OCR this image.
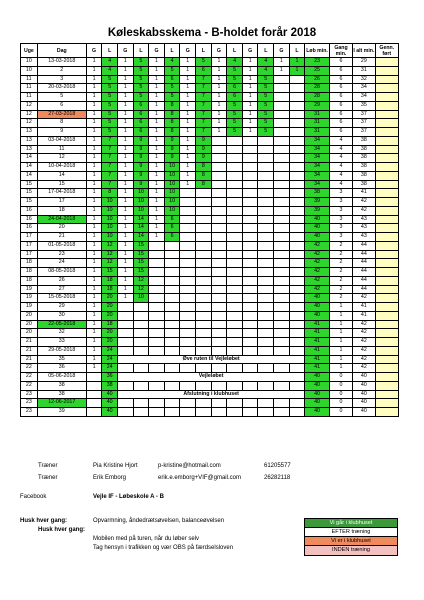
Køleskabsskema - B-holdet forår 2018
Uge	Dag	G	L	G	L	G	L	G	L	G	L	G	L	G	L	Løb min.	Gang min.	I alt min.	Genn. ført
10	13-03-2018	1	4	1	5	1	4	1	5	1	4	1	4	1	1	23	6	29	
10	2	1	4	1	5	1	5	1	6	1	5	1	4	1	1	25	6	31	
11	3	1	5	1	5	1	6	1	7	1	5	1	5			26	6	32	
11	20-03-2018	1	5	1	5	1	5	1	7	1	6	1	5			28	6	34	
11	5	1	5	1	5	1	5	1	7	1	6	1	5			28	6	34	
12	6	1	5	1	6	1	8	1	7	1	5	1	5			29	6	35	
12	27-03-2018	1	5	1	6	1	8	1	7	1	5	1	5			31	6	37	
12	8	1	5	1	6	1	8	1	7	1	5	1	5			31	6	37	
13	9	1	5	1	6	1	8	1	7	1	5	1	5			31	6	37	
13	03-04-2018	1	7	1	9	1	9	1	9							34	4	38	
13	11	1	7	1	9	1	9	1	9							34	4	38	
14	12	1	7	1	9	1	9	1	9							34	4	38	
14	10-04-2018	1	7	1	9	1	10	1	8							34	4	38	
14	14	1	7	1	9	1	10	1	8							34	4	38	
15	15	1	7	1	9	1	10	1	8							34	4	38	
15	17-04-2018	1	8	1	10	1	10									38	3	41	
15	17	1	10	1	10	1	10									39	3	42	
16	18	1	10	1	10	1	10									39	3	42	
16	24-04-2018	1	10	1	14	1	6									40	3	43	
16	20	1	10	1	14	1	6									40	3	43	
17	21	1	10	1	14	1	6									40	3	43	
17	01-05-2018	1	12	1	15											42	2	44	
17	23	1	12	1	15											42	2	44	
18	24	1	12	1	15											42	2	44	
18	08-05-2018	1	15	1	15											42	2	44	
18	26	1	18	1	12											42	2	44	
19	27	1	18	1	12											42	2	44	
19	15-05-2018	1	20	1	10											40	2	42	
19	29	1	20													40	1	41	
20	30	1	20													40	1	41	
20	22-05-2018	1	18													41	1	42	
20	32	1	20													41	1	42	
21	33	1	20													41	1	42	
21	29-05-2018	1	24													41	1	42	
21	35	1	24	Øve ruten til Vejleløbet												41	1	42	
22	36	1	24													41	1	42	
22	05-06-2018		36	Vejleløbet												40	0	40	
22	38		38													40	0	40	
23	38		40	Afslutning i klubhuset												40	0	40	
23	12-06-2017		40													40	0	40	
23	39		40													40	0	40	
Træner	Pia Kristine Hjort	p-kristine@hotmail.com	61205577
Træner	Erik Emborg	erik.e.emborg+VIF@gmail.com	26282118
Facebook	Vejle IF - Løbeskole A - B
Husk hver gang:	Opvarmning, åndedrætsøvelsen, balanceøvelsen
Husk hver gang:
Mobilen med på turen, når du løber selv
Tag hensyn i trafikken og vær OBS på færdselsloven
Vi går i klubhuset
EFTER træning
Vi er i klubhuset
INDEN træning
